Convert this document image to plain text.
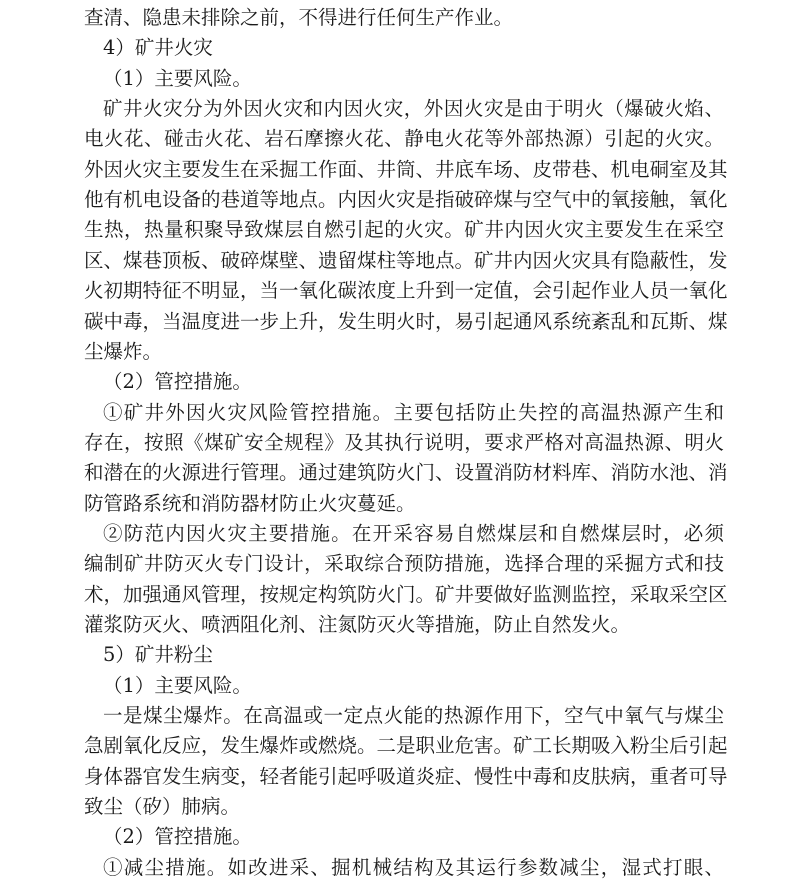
查清、隐患未排除之前，不得进行任何生产作业。
4）矿井火灾
（1）主要风险。
矿井火灾分为外因火灾和内因火灾，外因火灾是由于明火（爆破火焰、
电火花、碰击火花、岩石摩擦火花、静电火花等外部热源）引起的火灾。
外因火灾主要发生在采掘工作面、井筒、井底车场、皮带巷、机电硐室及其
他有机电设备的巷道等地点。内因火灾是指破碎煤与空气中的氧接触，氧化
生热，热量积聚导致煤层自燃引起的火灾。矿井内因火灾主要发生在采空
区、煤巷顶板、破碎煤壁、遗留煤柱等地点。矿井内因火灾具有隐蔽性，发
火初期特征不明显，当一氧化碳浓度上升到一定值，会引起作业人员一氧化
碳中毒，当温度进一步上升，发生明火时，易引起通风系统紊乱和瓦斯、煤
尘爆炸。
（2）管控措施。
①矿井外因火灾风险管控措施。主要包括防止失控的高温热源产生和
存在，按照《煤矿安全规程》及其执行说明，要求严格对高温热源、明火
和潜在的火源进行管理。通过建筑防火门、设置消防材料库、消防水池、消
防管路系统和消防器材防止火灾蔓延。
②防范内因火灾主要措施。在开采容易自燃煤层和自燃煤层时，必须
编制矿井防灭火专门设计，采取综合预防措施，选择合理的采掘方式和技
术，加强通风管理，按规定构筑防火门。矿井要做好监测监控，采取采空区
灌浆防灭火、喷洒阻化剂、注氮防灭火等措施，防止自然发火。
5）矿井粉尘
（1）主要风险。
一是煤尘爆炸。在高温或一定点火能的热源作用下，空气中氧气与煤尘
急剧氧化反应，发生爆炸或燃烧。二是职业危害。矿工长期吸入粉尘后引起
身体器官发生病变，轻者能引起呼吸道炎症、慢性中毒和皮肤病，重者可导
致尘（矽）肺病。
（2）管控措施。
①减尘措施。如改进采、掘机械结构及其运行参数减尘，湿式打眼、
